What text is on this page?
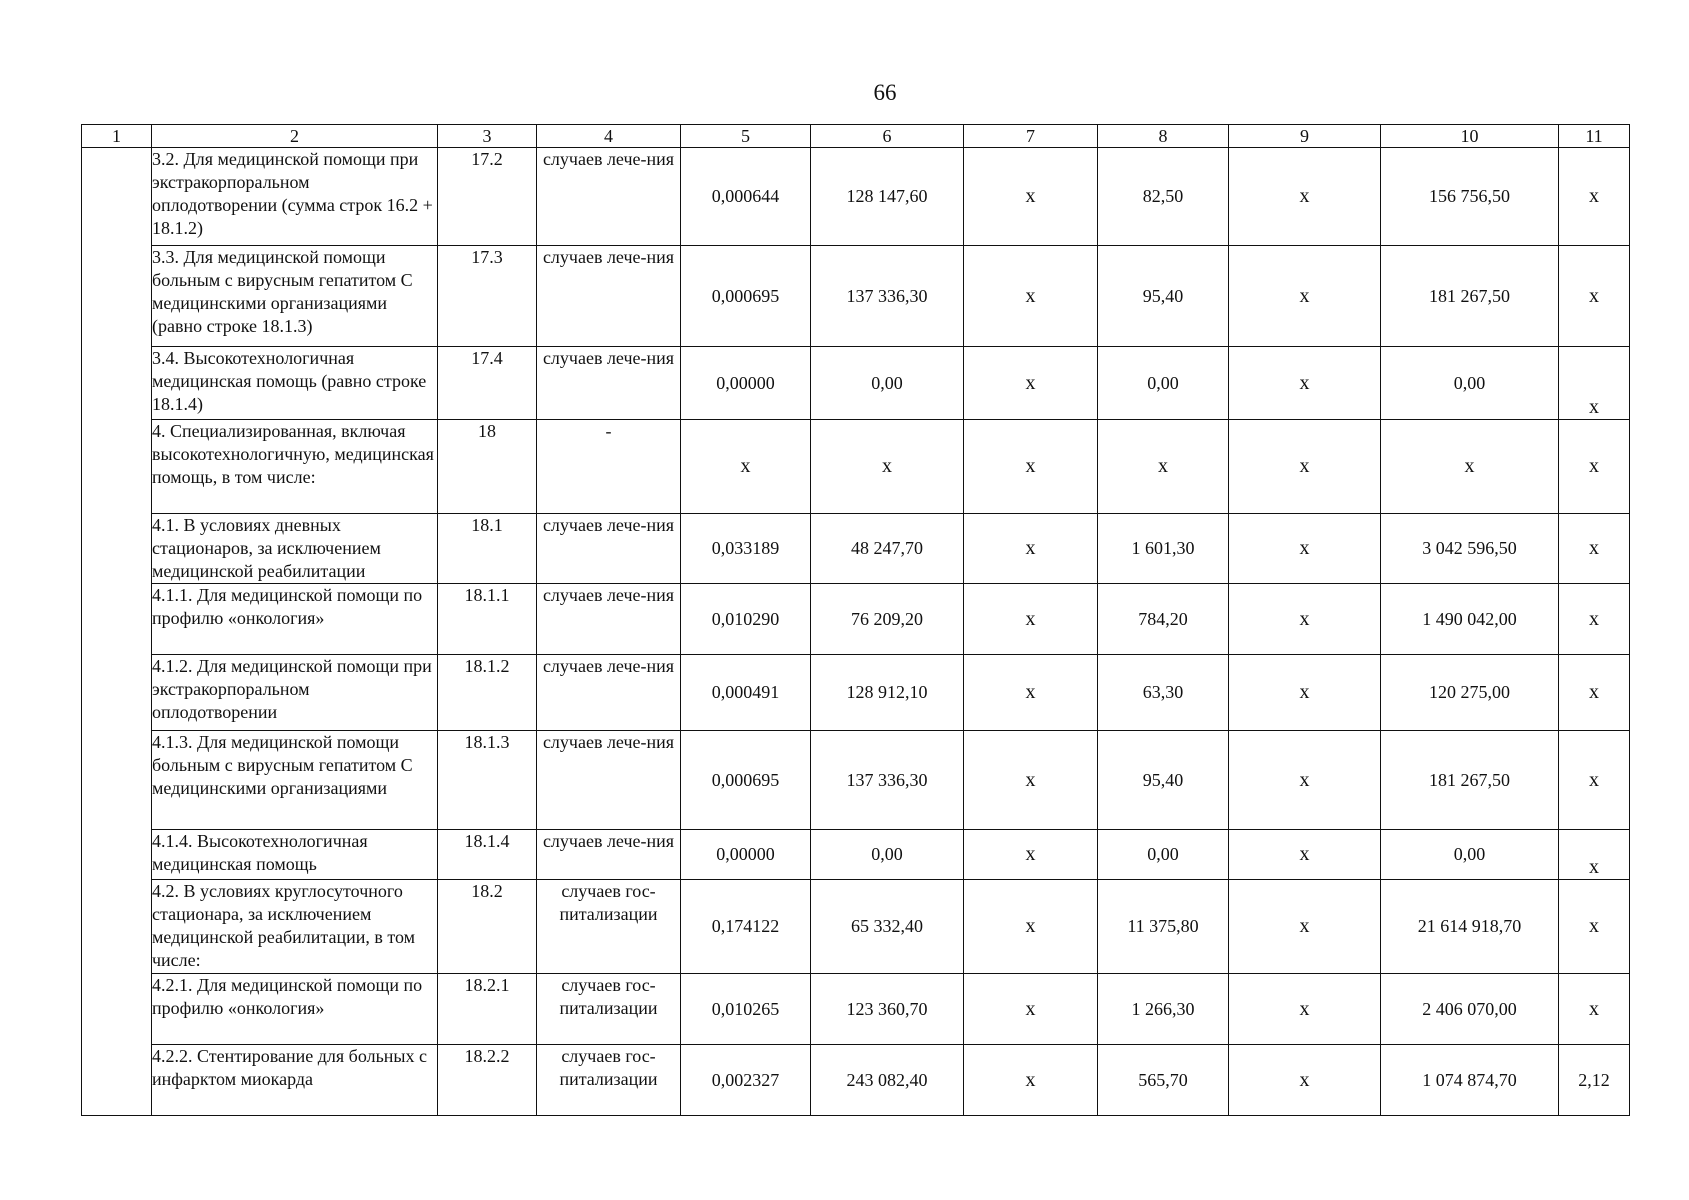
66
1	2	3	4	5	6	7	8	9	10	11
	3.2. Для медицинской помощи при экстракорпоральном оплодотворении (сумма строк 16.2 + 18.1.2)	17.2	случаев лече-ния	0,000644	128 147,60	х	82,50	х	156 756,50	х
	3.3. Для медицинской помощи больным с вирусным гепатитом С медицинскими организациями (равно строке 18.1.3)	17.3	случаев лече-ния	0,000695	137 336,30	х	95,40	х	181 267,50	х
	3.4. Высокотехнологичная медицинская помощь (равно строке 18.1.4)	17.4	случаев лече-ния	0,00000	0,00	х	0,00	х	0,00	х
	4. Специализированная, включая высокотехнологичную, медицинская помощь, в том числе:	18	-	х	х	х	х	х	х	х
	4.1. В условиях дневных стационаров, за исключением медицинской реабилитации	18.1	случаев лече-ния	0,033189	48 247,70	х	1 601,30	х	3 042 596,50	х
	4.1.1. Для медицинской помощи по профилю «онкология»	18.1.1	случаев лече-ния	0,010290	76 209,20	х	784,20	х	1 490 042,00	х
	4.1.2. Для медицинской помощи при экстракорпоральном оплодотворении	18.1.2	случаев лече-ния	0,000491	128 912,10	х	63,30	х	120 275,00	х
	4.1.3. Для медицинской помощи больным с вирусным гепатитом С медицинскими организациями	18.1.3	случаев лече-ния	0,000695	137 336,30	х	95,40	х	181 267,50	х
	4.1.4. Высокотехнологичная медицинская помощь	18.1.4	случаев лече-ния	0,00000	0,00	х	0,00	х	0,00	х
	4.2. В условиях круглосуточного стационара, за исключением медицинской реабилитации, в том числе:	18.2	случаев гос-питализации	0,174122	65 332,40	х	11 375,80	х	21 614 918,70	х
	4.2.1. Для медицинской помощи по профилю «онкология»	18.2.1	случаев гос-питализации	0,010265	123 360,70	х	1 266,30	х	2 406 070,00	х
	4.2.2. Стентирование для больных с инфарктом миокарда	18.2.2	случаев гос-питализации	0,002327	243 082,40	х	565,70	х	1 074 874,70	2,12
